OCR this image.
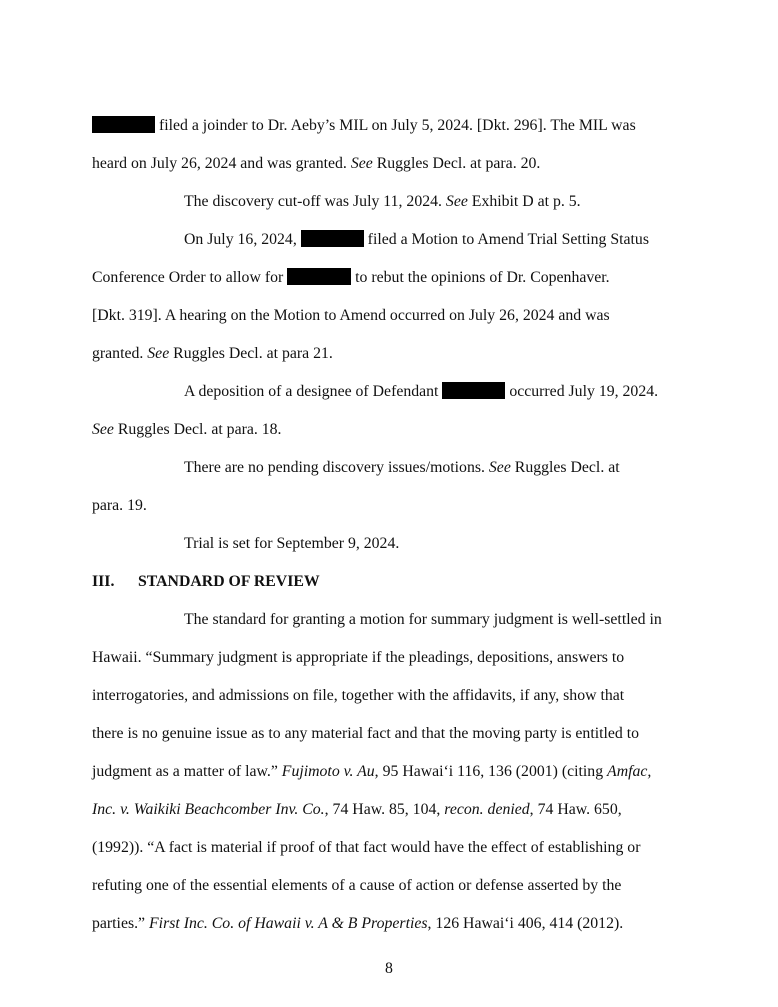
filed a joinder to Dr. Aeby’s MIL on July 5, 2024. [Dkt. 296]. The MIL was
heard on July 26, 2024 and was granted. See Ruggles Decl. at para. 20.
The discovery cut-off was July 11, 2024. See Exhibit D at p. 5.
On July 16, 2024,	filed a Motion to Amend Trial Setting Status
Conference Order to allow for	to rebut the opinions of Dr. Copenhaver.
[Dkt. 319]. A hearing on the Motion to Amend occurred on July 26, 2024 and was
granted. See Ruggles Decl. at para 21.
A deposition of a designee of Defendant	occurred July 19, 2024.
See Ruggles Decl. at para. 18.
There are no pending discovery issues/motions. See Ruggles Decl. at
para. 19.
Trial is set for September 9, 2024.
III. STANDARD OF REVIEW
The standard for granting a motion for summary judgment is well-settled in
Hawaii. “Summary judgment is appropriate if the pleadings, depositions, answers to
interrogatories, and admissions on file, together with the affidavits, if any, show that
there is no genuine issue as to any material fact and that the moving party is entitled to
judgment as a matter of law.” Fujimoto v. Au, 95 Hawai‘i 116, 136 (2001) (citing Amfac,
Inc. v. Waikiki Beachcomber Inv. Co., 74 Haw. 85, 104, recon. denied, 74 Haw. 650,
(1992)). “A fact is material if proof of that fact would have the effect of establishing or
refuting one of the essential elements of a cause of action or defense asserted by the
parties.” First Inc. Co. of Hawaii v. A & B Properties, 126 Hawai‘i 406, 414 (2012).
8
